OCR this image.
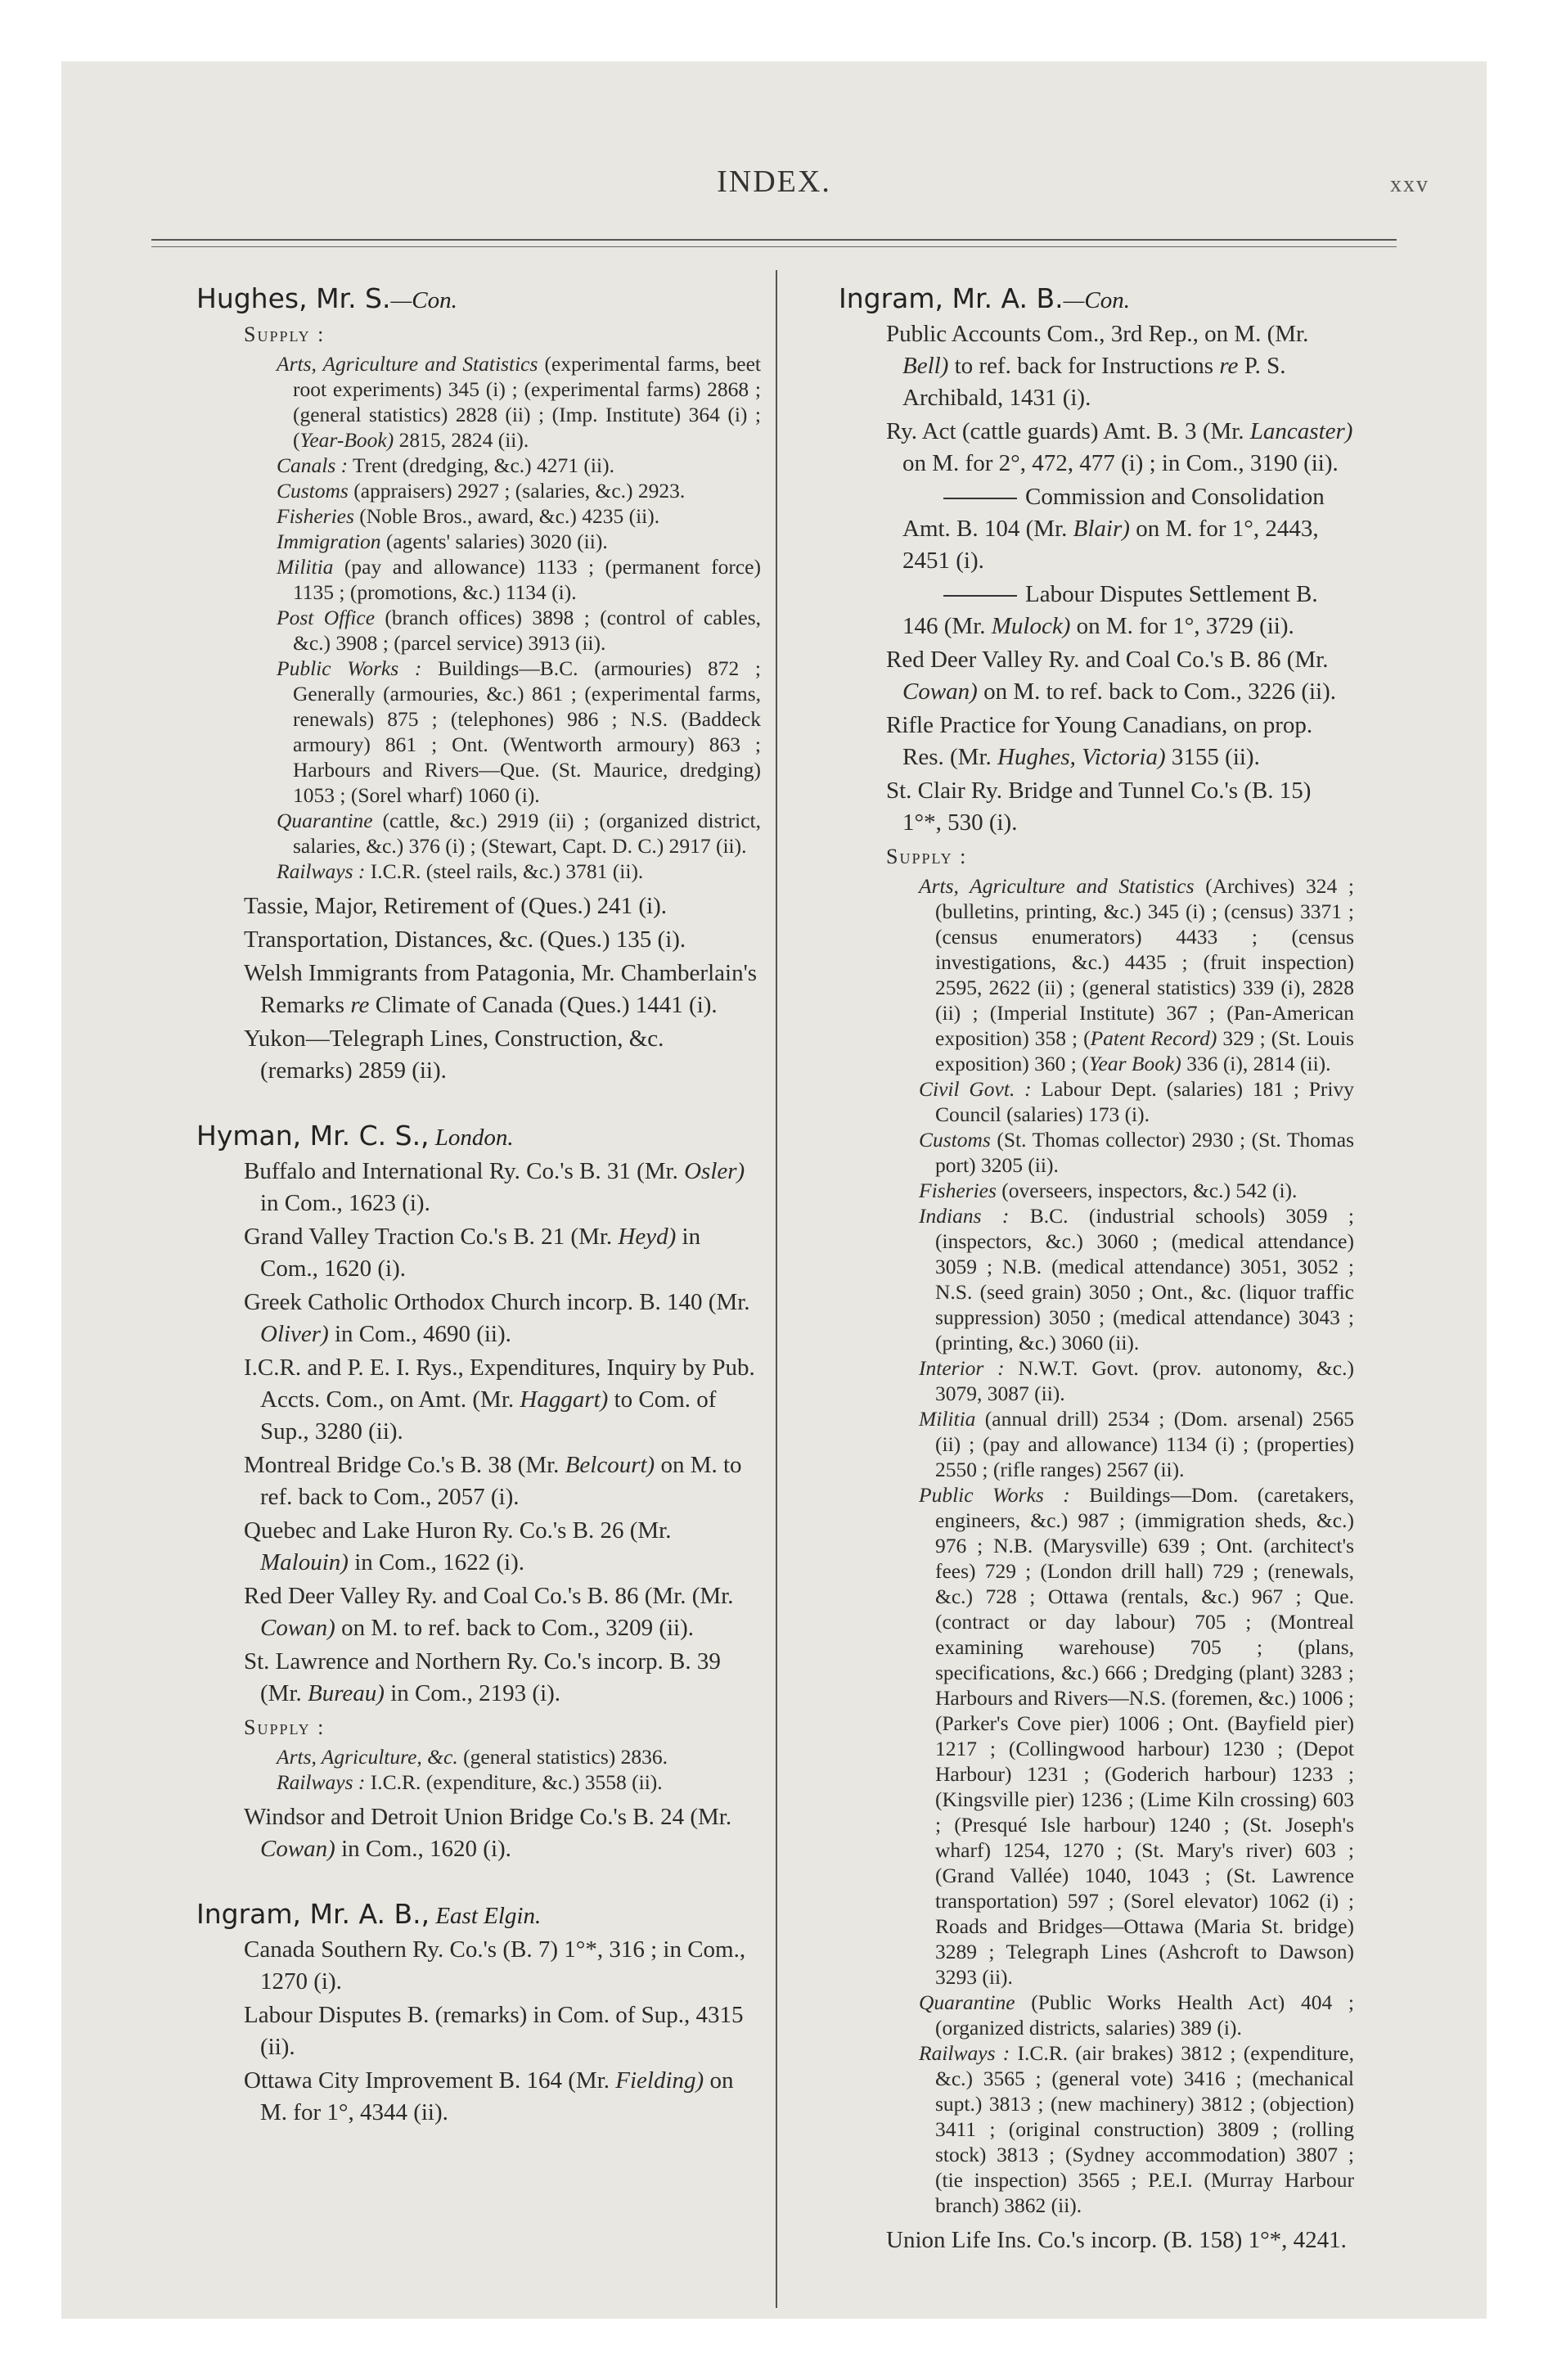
INDEX.	xxv
Hughes, Mr. S.—Con.
Supply :

Arts, Agriculture and Statistics (experimental farms, beet root experiments) 345 (i) ; (experimental farms) 2868 ; (general statistics) 2828 (ii) ; (Imp. Institute) 364 (i) ; (Year-Book) 2815, 2824 (ii).

Canals : Trent (dredging, &c.) 4271 (ii).

Customs (appraisers) 2927 ; (salaries, &c.) 2923.

Fisheries (Noble Bros., award, &c.) 4235 (ii).

Immigration (agents' salaries) 3020 (ii).

Militia (pay and allowance) 1133 ; (permanent force) 1135 ; (promotions, &c.) 1134 (i).

Post Office (branch offices) 3898 ; (control of cables, &c.) 3908 ; (parcel service) 3913 (ii).

Public Works : Buildings—B.C. (armouries) 872 ; Generally (armouries, &c.) 861 ; (experimental farms, renewals) 875 ; (telephones) 986 ; N.S. (Baddeck armoury) 861 ; Ont. (Wentworth armoury) 863 ; Harbours and Rivers—Que. (St. Maurice, dredging) 1053 ; (Sorel wharf) 1060 (i).

Quarantine (cattle, &c.) 2919 (ii) ; (organized district, salaries, &c.) 376 (i) ; (Stewart, Capt. D. C.) 2917 (ii).

Railways : I.C.R. (steel rails, &c.) 3781 (ii).

Tassie, Major, Retirement of (Ques.) 241 (i).

Transportation, Distances, &c. (Ques.) 135 (i).

Welsh Immigrants from Patagonia, Mr. Chamberlain's Remarks re Climate of Canada (Ques.) 1441 (i).

Yukon—Telegraph Lines, Construction, &c. (remarks) 2859 (ii).

Hyman, Mr. C. S., London.

Buffalo and International Ry. Co.'s B. 31 (Mr. Osler) in Com., 1623 (i).

Grand Valley Traction Co.'s B. 21 (Mr. Heyd) in Com., 1620 (i).

Greek Catholic Orthodox Church incorp. B. 140 (Mr. Oliver) in Com., 4690 (ii).

I.C.R. and P. E. I. Rys., Expenditures, Inquiry by Pub. Accts. Com., on Amt. (Mr. Haggart) to Com. of Sup., 3280 (ii).

Montreal Bridge Co.'s B. 38 (Mr. Belcourt) on M. to ref. back to Com., 2057 (i).

Quebec and Lake Huron Ry. Co.'s B. 26 (Mr. Malouin) in Com., 1622 (i).

Red Deer Valley Ry. and Coal Co.'s B. 86 (Mr. (Mr. Cowan) on M. to ref. back to Com., 3209 (ii).

St. Lawrence and Northern Ry. Co.'s incorp. B. 39 (Mr. Bureau) in Com., 2193 (i).

Supply :

Arts, Agriculture, &c. (general statistics) 2836.

Railways : I.C.R. (expenditure, &c.) 3558 (ii).

Windsor and Detroit Union Bridge Co.'s B. 24 (Mr. Cowan) in Com., 1620 (i).

Ingram, Mr. A. B., East Elgin.

Canada Southern Ry. Co.'s (B. 7) 1°*, 316 ; in Com., 1270 (i).

Labour Disputes B. (remarks) in Com. of Sup., 4315 (ii).

Ottawa City Improvement B. 164 (Mr. Fielding) on M. for 1°, 4344 (ii).

Ingram, Mr. A. B.—Con.

Public Accounts Com., 3rd Rep., on M. (Mr. Bell) to ref. back for Instructions re P. S. Archibald, 1431 (i).

Ry. Act (cattle guards) Amt. B. 3 (Mr. Lancaster) on M. for 2°, 472, 477 (i) ; in Com., 3190 (ii).

Commission and Consolidation Amt. B. 104 (Mr. Blair) on M. for 1°, 2443, 2451 (i).

Labour Disputes Settlement B. 146 (Mr. Mulock) on M. for 1°, 3729 (ii).

Red Deer Valley Ry. and Coal Co.'s B. 86 (Mr. Cowan) on M. to ref. back to Com., 3226 (ii).

Rifle Practice for Young Canadians, on prop. Res. (Mr. Hughes, Victoria) 3155 (ii).

St. Clair Ry. Bridge and Tunnel Co.'s (B. 15) 1°*, 530 (i).

Supply :

Arts, Agriculture and Statistics (Archives) 324 ; (bulletins, printing, &c.) 345 (i) ; (census) 3371 ; (census enumerators) 4433 ; (census investigations, &c.) 4435 ; (fruit inspection) 2595, 2622 (ii) ; (general statistics) 339 (i), 2828 (ii) ; (Imperial Institute) 367 ; (Pan-American exposition) 358 ; (Patent Record) 329 ; (St. Louis exposition) 360 ; (Year Book) 336 (i), 2814 (ii).

Civil Govt. : Labour Dept. (salaries) 181 ; Privy Council (salaries) 173 (i).

Customs (St. Thomas collector) 2930 ; (St. Thomas port) 3205 (ii).

Fisheries (overseers, inspectors, &c.) 542 (i).

Indians : B.C. (industrial schools) 3059 ; (inspectors, &c.) 3060 ; (medical attendance) 3059 ; N.B. (medical attendance) 3051, 3052 ; N.S. (seed grain) 3050 ; Ont., &c. (liquor traffic suppression) 3050 ; (medical attendance) 3043 ; (printing, &c.) 3060 (ii).

Interior : N.W.T. Govt. (prov. autonomy, &c.) 3079, 3087 (ii).

Militia (annual drill) 2534 ; (Dom. arsenal) 2565 (ii) ; (pay and allowance) 1134 (i) ; (properties) 2550 ; (rifle ranges) 2567 (ii).

Public Works : Buildings—Dom. (caretakers, engineers, &c.) 987 ; (immigration sheds, &c.) 976 ; N.B. (Marysville) 639 ; Ont. (architect's fees) 729 ; (London drill hall) 729 ; (renewals, &c.) 728 ; Ottawa (rentals, &c.) 967 ; Que. (contract or day labour) 705 ; (Montreal examining warehouse) 705 ; (plans, specifications, &c.) 666 ; Dredging (plant) 3283 ; Harbours and Rivers—N.S. (foremen, &c.) 1006 ; (Parker's Cove pier) 1006 ; Ont. (Bayfield pier) 1217 ; (Collingwood harbour) 1230 ; (Depot Harbour) 1231 ; (Goderich harbour) 1233 ; (Kingsville pier) 1236 ; (Lime Kiln crossing) 603 ; (Presqué Isle harbour) 1240 ; (St. Joseph's wharf) 1254, 1270 ; (St. Mary's river) 603 ; (Grand Vallée) 1040, 1043 ; (St. Lawrence transportation) 597 ; (Sorel elevator) 1062 (i) ; Roads and Bridges—Ottawa (Maria St. bridge) 3289 ; Telegraph Lines (Ashcroft to Dawson) 3293 (ii).

Quarantine (Public Works Health Act) 404 ; (organized districts, salaries) 389 (i).

Railways : I.C.R. (air brakes) 3812 ; (expenditure, &c.) 3565 ; (general vote) 3416 ; (mechanical supt.) 3813 ; (new machinery) 3812 ; (objection) 3411 ; (original construction) 3809 ; (rolling stock) 3813 ; (Sydney accommodation) 3807 ; (tie inspection) 3565 ; P.E.I. (Murray Harbour branch) 3862 (ii).

Union Life Ins. Co.'s incorp. (B. 158) 1°*, 4241.
